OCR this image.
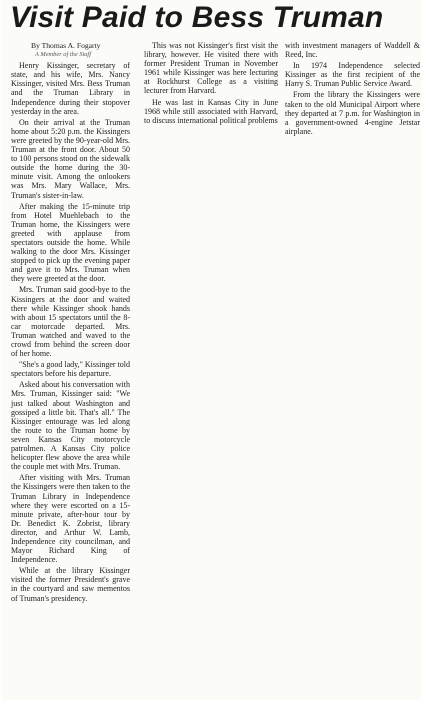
Visit Paid to Bess Truman

By Thomas A. Fogarty

A Member of the Staff

Henry Kissinger, secretary of state, and his wife, Mrs. Nancy Kissinger, visited Mrs. Bess Truman and the Truman Library in Independence during their stopover yesterday in the area.

On their arrival at the Truman home about 5:20 p.m. the Kissingers were greeted by the 90-year-old Mrs. Truman at the front door. About 50 to 100 persons stood on the sidewalk outside the home during the 30-minute visit. Among the onlookers was Mrs. Mary Wallace, Mrs. Truman's sister-in-law.

After making the 15-minute trip from Hotel Muehlebach to the Truman home, the Kissingers were greeted with applause from spectators outside the home. While walking to the door Mrs. Kissinger stopped to pick up the evening paper and gave it to Mrs. Truman when they were greeted at the door.

Mrs. Truman said good-bye to the Kissingers at the door and waited there while Kissinger shook hands with about 15 spectators until the 8-car motorcade departed. Mrs. Truman watched and waved to the crowd from behind the screen door of her home.

"She's a good lady," Kissinger told spectators before his departure.

Asked about his conversation with Mrs. Truman, Kissinger said: "We just talked about Washington and gossiped a little bit. That's all." The Kissinger entourage was led along the route to the Truman home by seven Kansas City motorcycle patrolmen. A Kansas City police helicopter flew above the area while the couple met with Mrs. Truman.

After visiting with Mrs. Truman the Kissingers were then taken to the Truman Library in Independence where they were escorted on a 15-minute private, after-hour tour by Dr. Benedict K. Zobrist, library director, and Arthur W. Lamb, Independence city councilman, and Mayor Richard King of Independence.

While at the library Kissinger visited the former President's grave in the courtyard and saw mementos of Truman's presidency.

This was not Kissinger's first visit the library, however. He visited there with former President Truman in November 1961 while Kissinger was here lecturing at Rockhurst College as a visiting lecturer from Harvard.

He was last in Kansas City in June 1968 while still associated with Harvard, to discuss international political problems

with investment managers of Waddell & Reed, Inc.

In 1974 Independence selected Kissinger as the first recipient of the Harry S. Truman Public Service Award.

From the library the Kissingers were taken to the old Municipal Airport where they departed at 7 p.m. for Washington in a government-owned 4-engine Jetstar airplane.
